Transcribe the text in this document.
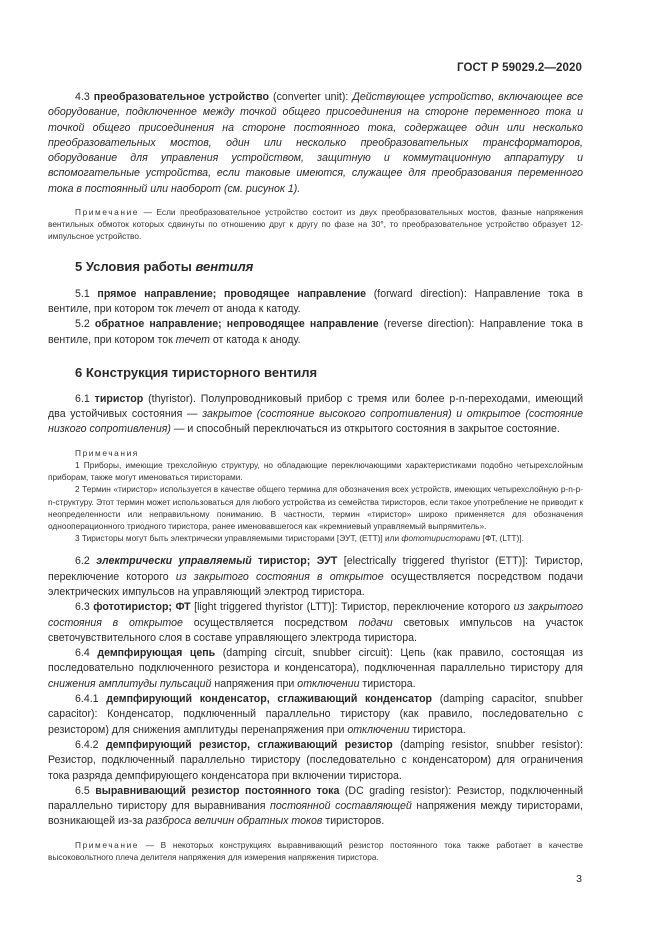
ГОСТ Р 59029.2—2020

4.3 преобразовательное устройство (converter unit): Действующее устройство, включающее все оборудование, подключенное между точкой общего присоединения на стороне переменного тока и точкой общего присоединения на стороне постоянного тока, содержащее один или несколько преобразовательных мостов, один или несколько преобразовательных трансформаторов, оборудование для управления устройством, защитную и коммутационную аппаратуру и вспомогательные устройства, если таковые имеются, служащее для преобразования переменного тока в постоянный или наоборот (см. рисунок 1).

Примечание — Если преобразовательное устройство состоит из двух преобразовательных мостов, фазные напряжения вентильных обмоток которых сдвинуты по отношению друг к другу по фазе на 30°, то преобразовательное устройство образует 12-импульсное устройство.

5 Условия работы вентиля

5.1 прямое направление; проводящее направление (forward direction): Направление тока в вентиле, при котором ток течет от анода к катоду.

5.2 обратное направление; непроводящее направление (reverse direction): Направление тока в вентиле, при котором ток течет от катода к аноду.

6 Конструкция тиристорного вентиля

6.1 тиристор (thyristor). Полупроводниковый прибор с тремя или более p-n-переходами, имеющий два устойчивых состояния — закрытое (состояние высокого сопротивления) и открытое (состояние низкого сопротивления) — и способный переключаться из открытого состояния в закрытое состояние.

Примечания

1 Приборы, имеющие трехслойную структуру, но обладающие переключающими характеристиками подобно четырехслойным приборам, также могут именоваться тиристорами.

2 Термин «тиристор» используется в качестве общего термина для обозначения всех устройств, имеющих четырехслойную p-n-p-n-структуру. Этот термин может использоваться для любого устройства из семейства тиристоров, если такое употребление не приводит к неопределенности или неправильному пониманию. В частности, термин «тиристор» широко применяется для обозначения однооперационного триодного тиристора, ранее именовавшегося как «кремниевый управляемый выпрямитель».

3 Тиристоры могут быть электрически управляемыми тиристорами [ЭУТ, (ETT)] или фототиристорами [ФТ, (LTT)].

6.2 электрически управляемый тиристор; ЭУТ [electrically triggered thyristor (ETT)]: Тиристор, переключение которого из закрытого состояния в открытое осуществляется посредством подачи электрических импульсов на управляющий электрод тиристора.

6.3 фототиристор; ФТ [light triggered thyristor (LTT)]: Тиристор, переключение которого из закрытого состояния в открытое осуществляется посредством подачи световых импульсов на участок светочувствительного слоя в составе управляющего электрода тиристора.

6.4 демпфирующая цепь (damping circuit, snubber circuit): Цепь (как правило, состоящая из последовательно подключенного резистора и конденсатора), подключенная параллельно тиристору для снижения амплитуды пульсаций напряжения при отключении тиристора.

6.4.1 демпфирующий конденсатор, сглаживающий конденсатор (damping capacitor, snubber capacitor): Конденсатор, подключенный параллельно тиристору (как правило, последовательно с резистором) для снижения амплитуды перенапряжения при отключении тиристора.

6.4.2 демпфирующий резистор, сглаживающий резистор (damping resistor, snubber resistor): Резистор, подключенный параллельно тиристору (последовательно с конденсатором) для ограничения тока разряда демпфирующего конденсатора при включении тиристора.

6.5 выравнивающий резистор постоянного тока (DC grading resistor): Резистор, подключенный параллельно тиристору для выравнивания постоянной составляющей напряжения между тиристорами, возникающей из-за разброса величин обратных токов тиристоров.

Примечание — В некоторых конструкциях выравнивающий резистор постоянного тока также работает в качестве высоковольтного плеча делителя напряжения для измерения напряжения тиристора.

3
